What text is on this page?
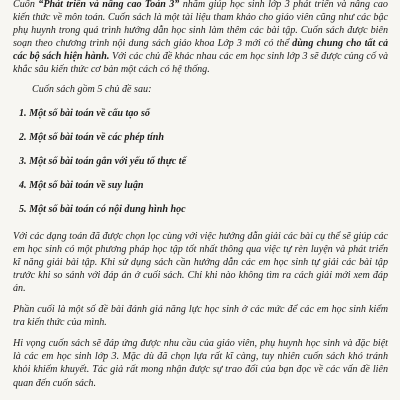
Cuốn “Phát triển và nâng cao Toán 3” nhằm giúp học sinh lớp 3 phát triển và nâng cao kiến thức về môn toán. Cuốn sách là một tài liệu tham khảo cho giáo viên cũng như các bậc phụ huynh trong quá trình hướng dẫn học sinh làm thêm các bài tập. Cuốn sách được biên soạn theo chương trình nội dung sách giáo khoa Lớp 3 mới có thể dùng chung cho tất cả các bộ sách hiện hành. Với các chủ đề khác nhau các em học sinh lớp 3 sẽ được củng cố và khắc sâu kiến thức cơ bản một cách có hệ thống.

Cuốn sách gồm 5 chủ đề sau:

1. Một số bài toán về cấu tạo số
2. Một số bài toán về các phép tính
3. Một số bài toán gắn với yếu tố thực tế
4. Một số bài toán về suy luận
5. Một số bài toán có nội dung hình học

Với các dạng toán đã được chọn lọc cùng với việc hướng dẫn giải các bài cụ thể sẽ giúp các em học sinh có một phương pháp học tập tốt nhất thông qua việc tự rèn luyện và phát triển kĩ năng giải bài tập. Khi sử dụng sách cần hướng dẫn các em học sinh tự giải các bài tập trước khi so sánh với đáp án ở cuối sách. Chỉ khi nào không tìm ra cách giải mới xem đáp án.

Phần cuối là một số đề bài đánh giá năng lực học sinh ở các mức để các em học sinh kiểm tra kiến thức của mình.

Hi vọng cuốn sách sẽ đáp ứng được nhu cầu của giáo viên, phụ huynh học sinh và đặc biệt là các em học sinh lớp 3. Mặc dù đã chọn lựa rất kĩ càng, tuy nhiên cuốn sách khó tránh khỏi khiếm khuyết. Tác giả rất mong nhận được sự trao đổi của bạn đọc về các vấn đề liên quan đến cuốn sách.
